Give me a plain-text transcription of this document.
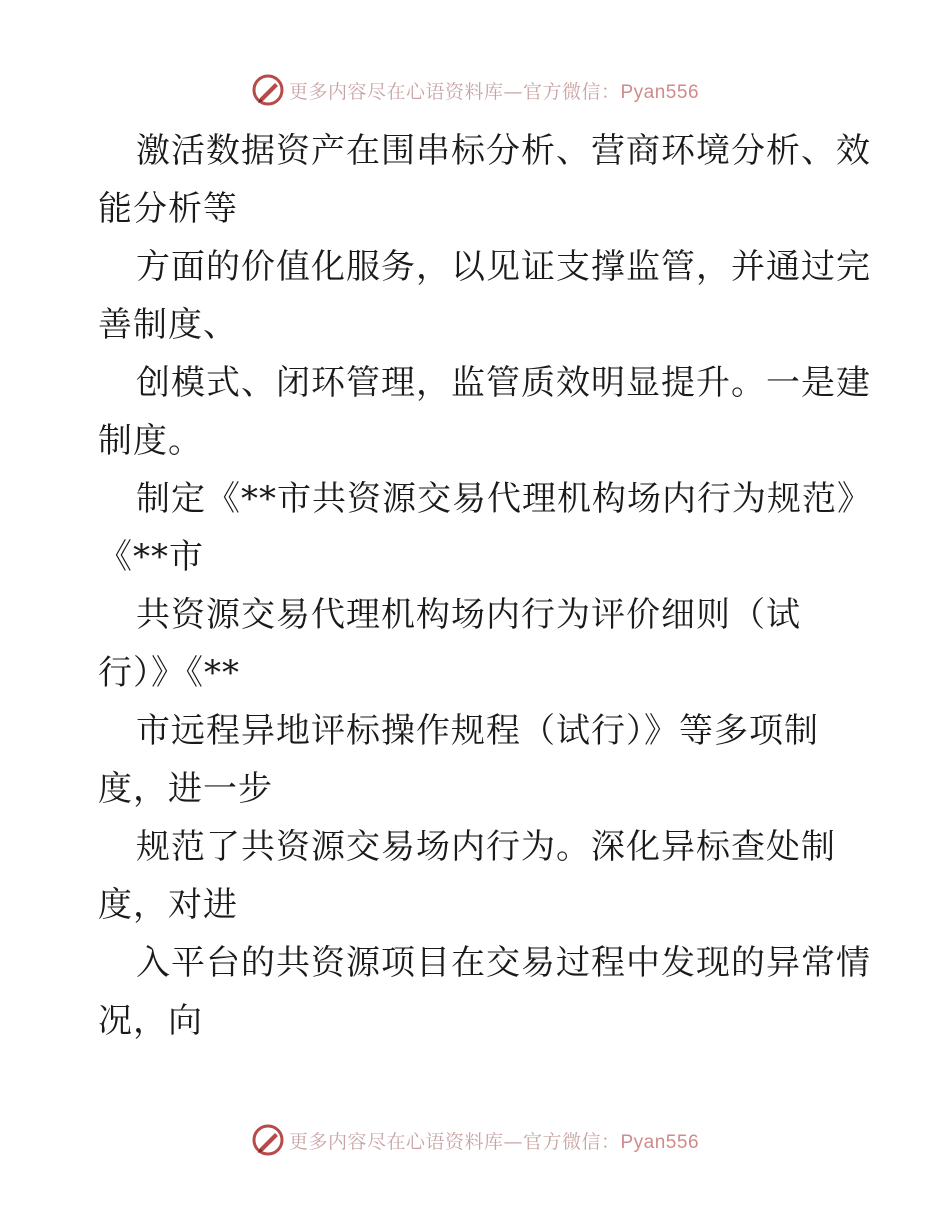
更多内容尽在心语资料库—官方微信：Pyan556
激活数据资产在围串标分析、营商环境分析、效
能分析等
方面的价值化服务，以见证支撑监管，并通过完
善制度、
创模式、闭环管理，监管质效明显提升。一是建
制度。
制定《**市共资源交易代理机构场内行为规范》
《**市
共资源交易代理机构场内行为评价细则（试
行）》《**
市远程异地评标操作规程（试行）》等多项制
度，进一步
规范了共资源交易场内行为。深化异标查处制
度，对进
入平台的共资源项目在交易过程中发现的异常情
况，向
更多内容尽在心语资料库—官方微信：Pyan556
